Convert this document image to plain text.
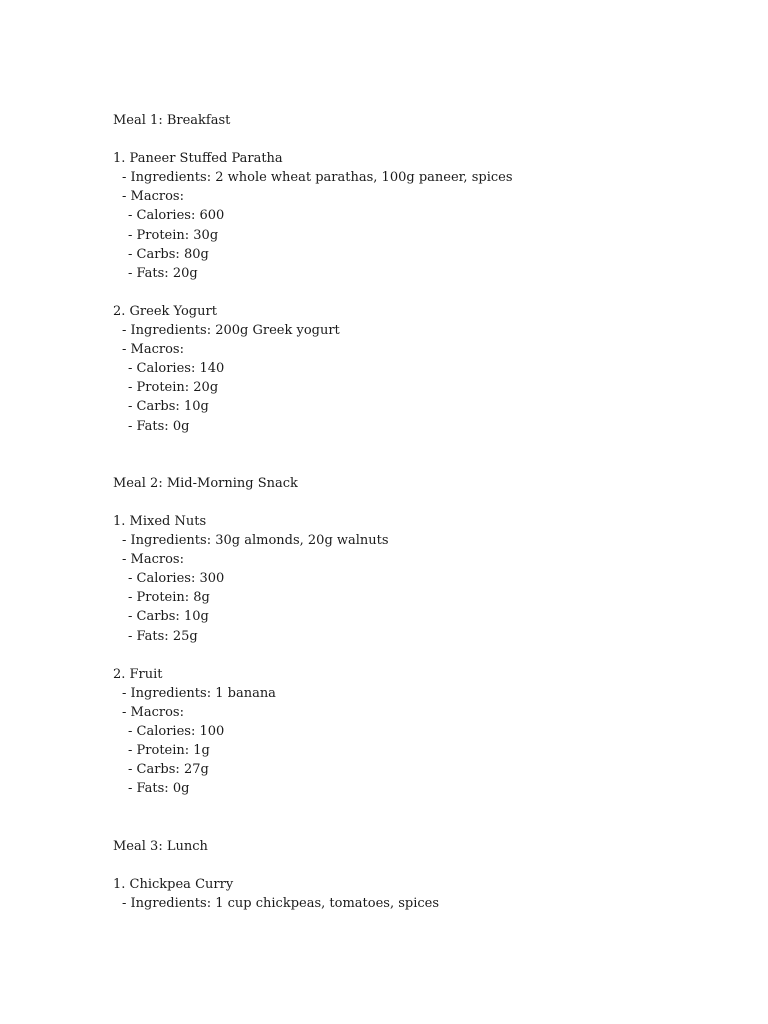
Meal 1: Breakfast
1. Paneer Stuffed Paratha
- Ingredients: 2 whole wheat parathas, 100g paneer, spices
- Macros:
- Calories: 600
- Protein: 30g
- Carbs: 80g
- Fats: 20g
2. Greek Yogurt
- Ingredients: 200g Greek yogurt
- Macros:
- Calories: 140
- Protein: 20g
- Carbs: 10g
- Fats: 0g
Meal 2: Mid-Morning Snack
1. Mixed Nuts
- Ingredients: 30g almonds, 20g walnuts
- Macros:
- Calories: 300
- Protein: 8g
- Carbs: 10g
- Fats: 25g
2. Fruit
- Ingredients: 1 banana
- Macros:
- Calories: 100
- Protein: 1g
- Carbs: 27g
- Fats: 0g
Meal 3: Lunch
1. Chickpea Curry
- Ingredients: 1 cup chickpeas, tomatoes, spices
